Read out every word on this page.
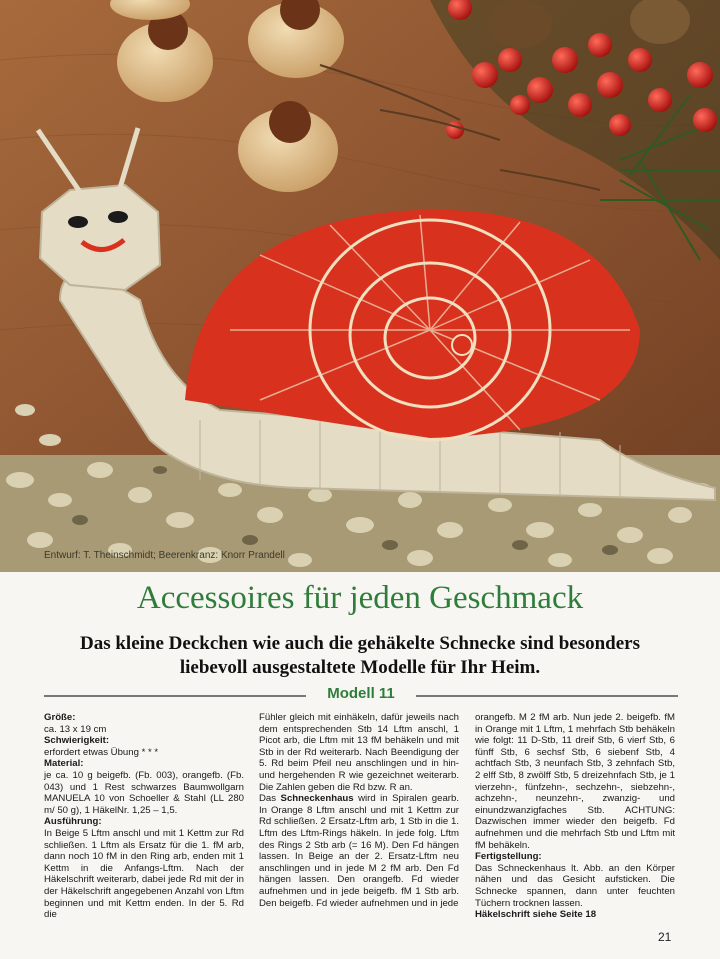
Entwurf: T. Theinschmidt; Beerenkranz: Knorr Prandell
Accessoires für jeden Geschmack

Das kleine Deckchen wie auch die gehäkelte Schnecke sind besonders liebevoll ausgestaltete Modelle für Ihr Heim.

Modell 11

Größe:

ca. 13 x 19 cm

Schwierigkeit:

erfordert etwas Übung * * *

Material:

je ca. 10 g beigefb. (Fb. 003), orangefb. (Fb. 043) und 1 Rest schwarzes Baumwollgarn MANUELA 10 von Schoeller & Stahl (LL 280 m/ 50 g), 1 HäkelNr. 1,25 – 1,5.

Ausführung:

In Beige 5 Lftm anschl und mit 1 Kettm zur Rd schließen. 1 Lftm als Ersatz für die 1. fM arb, dann noch 10 fM in den Ring arb, enden mit 1 Kettm in die Anfangs-Lftm. Nach der Häkelschrift weiterarb, dabei jede Rd mit der in der Häkelschrift angegebenen Anzahl von Lftm beginnen und mit Kettm enden. In der 5. Rd die

Fühler gleich mit einhäkeln, dafür jeweils nach dem entsprechenden Stb 14 Lftm anschl, 1 Picot arb, die Lftm mit 13 fM behäkeln und mit Stb in der Rd weiterarb. Nach Beendigung der 5. Rd beim Pfeil neu anschlingen und in hin- und hergehenden R wie gezeichnet weiterarb. Die Zahlen geben die Rd bzw. R an.

Das Schneckenhaus wird in Spiralen gearb. In Orange 8 Lftm anschl und mit 1 Kettm zur Rd schließen. 2 Ersatz-Lftm arb, 1 Stb in die 1. Lftm des Lftm-Rings häkeln. In jede folg. Lftm des Rings 2 Stb arb (= 16 M). Den Fd hängen lassen. In Beige an der 2. Ersatz-Lftm neu anschlingen und in jede M 2 fM arb. Den Fd hängen lassen. Den orangefb. Fd wieder aufnehmen und in jede beigefb. fM 1 Stb arb. Den beigefb. Fd wieder aufnehmen und in jede

orangefb. M 2 fM arb. Nun jede 2. beigefb. fM in Orange mit 1 Lftm, 1 mehrfach Stb behäkeln wie folgt: 11 D-Stb, 11 dreif Stb, 6 vierf Stb, 6 fünff Stb, 6 sechsf Stb, 6 siebenf Stb, 4 achtfach Stb, 3 neunfach Stb, 3 zehnfach Stb, 2 elff Stb, 8 zwölff Stb, 5 dreizehnfach Stb, je 1 vierzehn-, fünfzehn-, sechzehn-, siebzehn-, achzehn-, neunzehn-, zwanzig- und einundzwanzigfaches Stb. ACHTUNG: Dazwischen immer wieder den beigefb. Fd aufnehmen und die mehrfach Stb und Lftm mit fM behäkeln.

Fertigstellung:

Das Schneckenhaus lt. Abb. an den Körper nähen und das Gesicht aufsticken. Die Schnecke spannen, dann unter feuchten Tüchern trocknen lassen.

Häkelschrift siehe Seite 18

21
